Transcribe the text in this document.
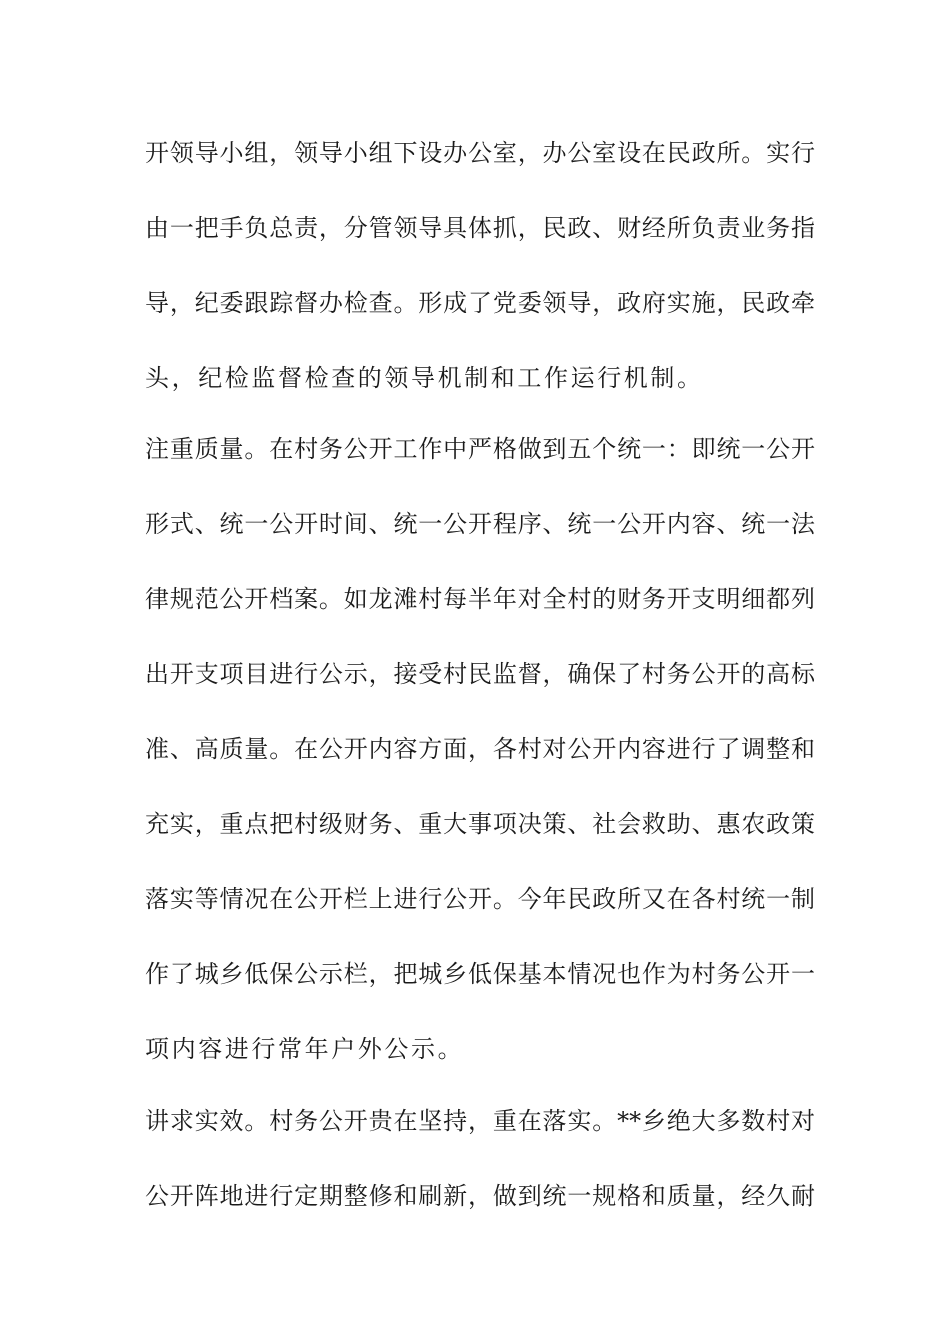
开领导小组，领导小组下设办公室，办公室设在民政所。实行
由一把手负总责，分管领导具体抓，民政、财经所负责业务指
导，纪委跟踪督办检查。形成了党委领导，政府实施，民政牵
头，纪检监督检查的领导机制和工作运行机制。
注重质量。在村务公开工作中严格做到五个统一：即统一公开
形式、统一公开时间、统一公开程序、统一公开内容、统一法
律规范公开档案。如龙滩村每半年对全村的财务开支明细都列
出开支项目进行公示，接受村民监督，确保了村务公开的高标
准、高质量。在公开内容方面，各村对公开内容进行了调整和
充实，重点把村级财务、重大事项决策、社会救助、惠农政策
落实等情况在公开栏上进行公开。今年民政所又在各村统一制
作了城乡低保公示栏，把城乡低保基本情况也作为村务公开一
项内容进行常年户外公示。
讲求实效。村务公开贵在坚持，重在落实。**乡绝大多数村对
公开阵地进行定期整修和刷新，做到统一规格和质量，经久耐
